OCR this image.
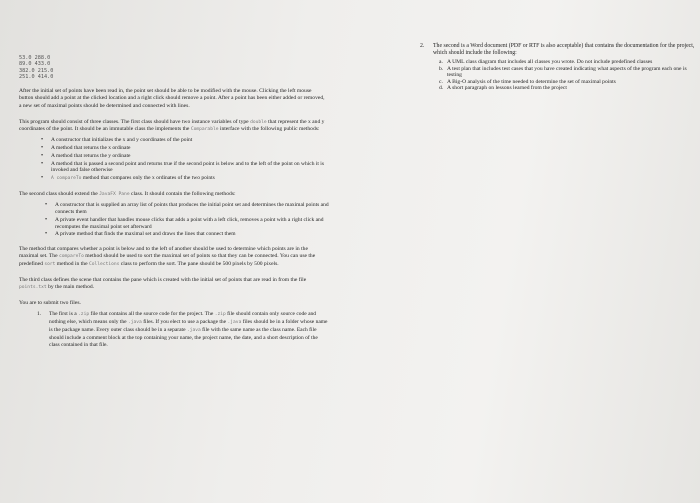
53.0 288.0
89.0 433.0
382.0 215.0
251.0 414.0

After the initial set of points have been read in, the point set should be able to be modified with the mouse. Clicking the left mouse button should add a point at the clicked location and a right click should remove a point. After a point has been either added or removed, a new set of maximal points should be determined and connected with lines.

This program should consist of three classes. The first class should have two instance variables of type double that represent the x and y coordinates of the point. It should be an immutable class the implements the Comparable interface with the following public methods:

• A constructor that initializes the x and y coordinates of the point
• A method that returns the x ordinate
• A method that returns the y ordinate
• A method that is passed a second point and returns true if the second point is below and to the left of the point on which it is invoked and false otherwise
• A compareTo method that compares only the x ordinates of the two points

The second class should extend the JavaFX Pane class. It should contain the following methods:

• A constructor that is supplied an array list of points that produces the initial point set and determines the maximal points and connects them
• A private event handler that handles mouse clicks that adds a point with a left click, removes a point with a right click and recomputes the maximal point set afterward
• A private method that finds the maximal set and draws the lines that connect them

The method that compares whether a point is below and to the left of another should be used to determine which points are in the maximal set. The compareTo method should be used to sort the maximal set of points so that they can be connected. You can use the predefined sort method in the Collections class to perform the sort. The pane should be 500 pixels by 500 pixels.

The third class defines the scene that contains the pane which is created with the initial set of points that are read in from the file points.txt by the main method.

You are to submit two files.

1. The first is a .zip file that contains all the source code for the project. The .zip file should contain only source code and nothing else, which means only the .java files. If you elect to use a package the .java files should be in a folder whose name is the package name. Every outer class should be in a separate .java file with the same name as the class name. Each file should include a comment block at the top containing your name, the project name, the date, and a short description of the class contained in that file.
2. The second is a Word document (PDF or RTF is also acceptable) that contains the documentation for the project, which should include the following:
a. A UML class diagram that includes all classes you wrote. Do not include predefined classes
b. A test plan that includes test cases that you have created indicating what aspects of the program each one is testing
c. A Big-O analysis of the time needed to determine the set of maximal points
d. A short paragraph on lessons learned from the project
